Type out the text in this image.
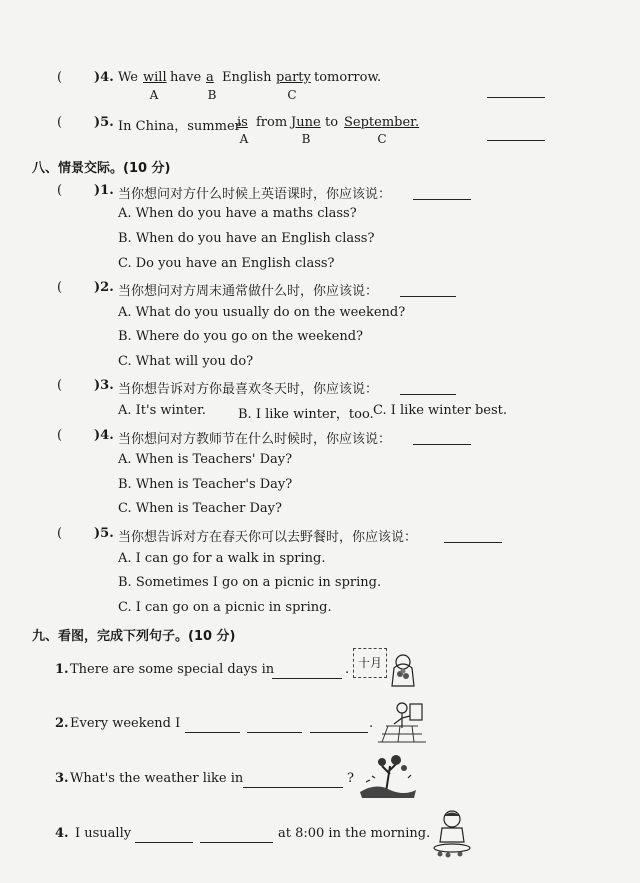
( )4. We will have a English party tomorrow.
A	B	C
( )5. In China，summer
is from June to September.
A	B	C
八、情景交际。(10 分)
( )1. 当你想问对方什么时候上英语课时，你应该说：
A. When do you have a maths class?
B. When do you have an English class?
C. Do you have an English class?
( )2. 当你想问对方周末通常做什么时，你应该说：
A. What do you usually do on the weekend?
B. Where do you go on the weekend?
C. What will you do?
( )3. 当你想告诉对方你最喜欢冬天时，你应该说：
A. It's winter. B. I like winter，too. C. I like winter best.
( )4. 当你想问对方教师节在什么时候时，你应该说：
A. When is Teachers' Day?
B. When is Teacher's Day?
C. When is Teacher Day?
( )5. 当你想告诉对方在春天你可以去野餐时，你应该说：
A. I can go for a walk in spring.
B. Sometimes I go on a picnic in spring.
C. I can go on a picnic in spring.
九、看图，完成下列句子。(10 分)
1. There are some special days in	. 十月
2. Every weekend I	.
3. What's the weather like in	?
4. I usually	at 8:00 in the morning.
